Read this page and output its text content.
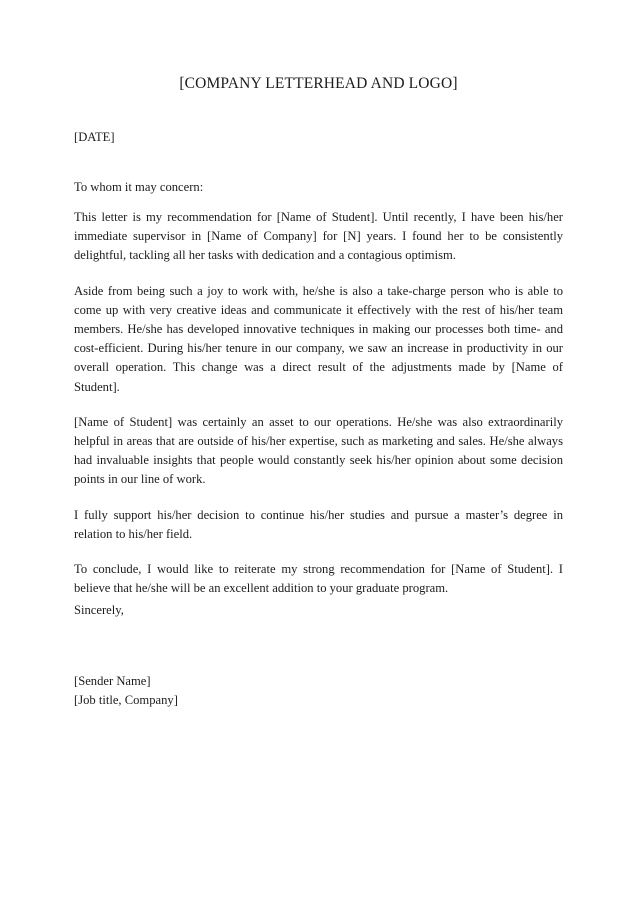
[COMPANY LETTERHEAD AND LOGO]
[DATE]
To whom it may concern:

This letter is my recommendation for [Name of Student]. Until recently, I have been his/her immediate supervisor in [Name of Company] for [N] years. I found her to be consistently delightful, tackling all her tasks with dedication and a contagious optimism.

Aside from being such a joy to work with, he/she is also a take-charge person who is able to come up with very creative ideas and communicate it effectively with the rest of his/her team members. He/she has developed innovative techniques in making our processes both time- and cost-efficient. During his/her tenure in our company, we saw an increase in productivity in our overall operation. This change was a direct result of the adjustments made by [Name of Student].

[Name of Student] was certainly an asset to our operations. He/she was also extraordinarily helpful in areas that are outside of his/her expertise, such as marketing and sales. He/she always had invaluable insights that people would constantly seek his/her opinion about some decision points in our line of work.

I fully support his/her decision to continue his/her studies and pursue a master’s degree in relation to his/her field.

To conclude, I would like to reiterate my strong recommendation for [Name of Student]. I believe that he/she will be an excellent addition to your graduate program.

Sincerely,
[Sender Name]
[Job title, Company]
